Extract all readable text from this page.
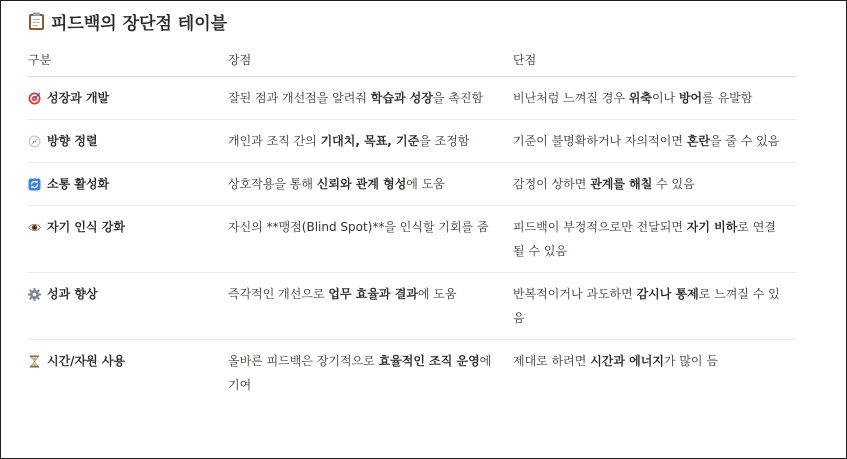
피드백의 장단점 테이블
구분	장점	단점

성장과 개발	잘된 점과 개선점을 알려줘 학습과 성장을 촉진함	비난처럼 느껴질 경우 위축이나 방어를 유발함

방향 정렬	개인과 조직 간의 기대치, 목표, 기준을 조정함	기준이 불명확하거나 자의적이면 혼란을 줄 수 있음

소통 활성화	상호작용을 통해 신뢰와 관계 형성에 도움	감정이 상하면 관계를 해칠 수 있음

자기 인식 강화	자신의 **맹점(Blind Spot)**을 인식할 기회를 줌	피드백이 부정적으로만 전달되면 자기 비하로 연결될 수 있음

성과 향상	즉각적인 개선으로 업무 효율과 결과에 도움	반복적이거나 과도하면 감시나 통제로 느껴질 수 있음

시간/자원 사용	올바른 피드백은 장기적으로 효율적인 조직 운영에 기여	제대로 하려면 시간과 에너지가 많이 듬
